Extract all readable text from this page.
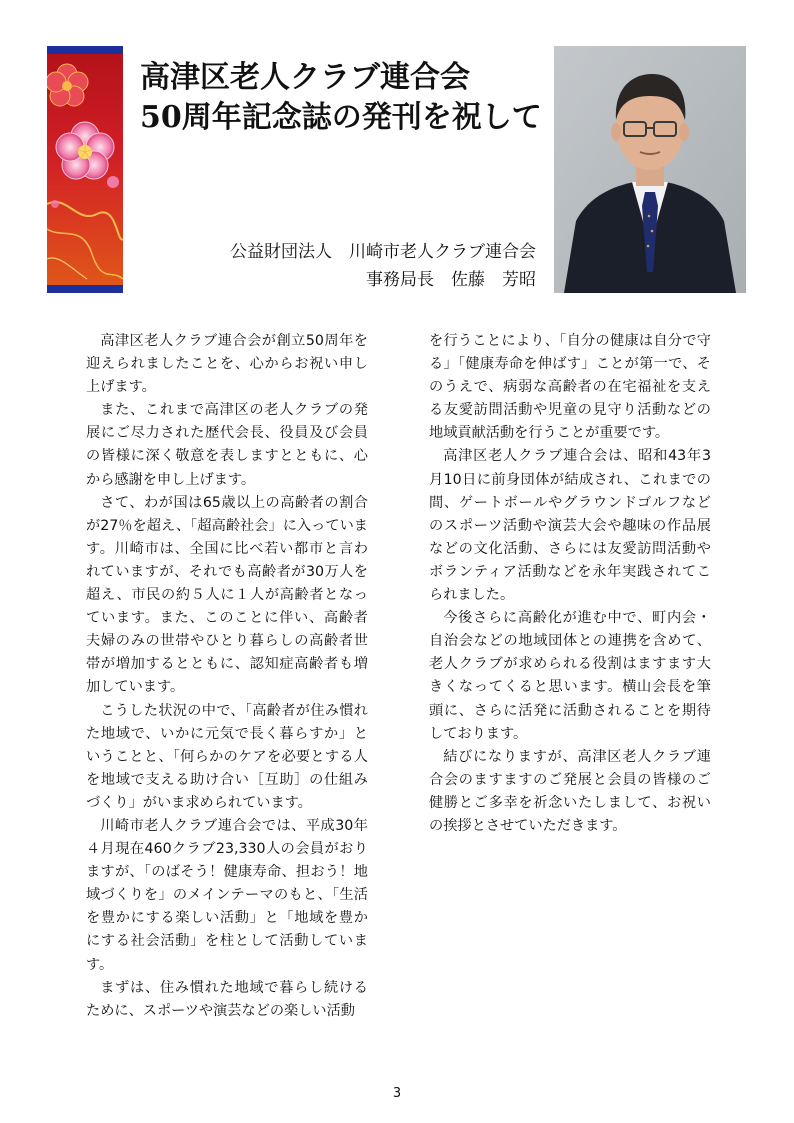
高津区老人クラブ連合会
50周年記念誌の発刊を祝して
公益財団法人　川崎市老人クラブ連合会
事務局長　佐藤　芳昭

高津区老人クラブ連合会が創立50周年を迎えられましたことを、心からお祝い申し上げます。

また、これまで高津区の老人クラブの発展にご尽力された歴代会長、役員及び会員の皆様に深く敬意を表しますとともに、心から感謝を申し上げます。

さて、わが国は65歳以上の高齢者の割合が27％を超え、「超高齢社会」に入っています。川崎市は、全国に比べ若い都市と言われていますが、それでも高齢者が30万人を超え、市民の約５人に１人が高齢者となっています。また、このことに伴い、高齢者夫婦のみの世帯やひとり暮らしの高齢者世帯が増加するとともに、認知症高齢者も増加しています。

こうした状況の中で、「高齢者が住み慣れた地域で、いかに元気で長く暮らすか」ということと、「何らかのケアを必要とする人を地域で支える助け合い［互助］の仕組みづくり」がいま求められています。

川崎市老人クラブ連合会では、平成30年４月現在460クラブ23,330人の会員がおりますが、「のばそう！健康寿命、担おう！地域づくりを」のメインテーマのもと、「生活を豊かにする楽しい活動」と「地域を豊かにする社会活動」を柱として活動しています。

まずは、住み慣れた地域で暮らし続けるために、スポーツや演芸などの楽しい活動

を行うことにより、「自分の健康は自分で守る」「健康寿命を伸ばす」ことが第一で、そのうえで、病弱な高齢者の在宅福祉を支える友愛訪問活動や児童の見守り活動などの地域貢献活動を行うことが重要です。

高津区老人クラブ連合会は、昭和43年3月10日に前身団体が結成され、これまでの間、ゲートボールやグラウンドゴルフなどのスポーツ活動や演芸大会や趣味の作品展などの文化活動、さらには友愛訪問活動やボランティア活動などを永年実践されてこられました。

今後さらに高齢化が進む中で、町内会・自治会などの地域団体との連携を含めて、老人クラブが求められる役割はますます大きくなってくると思います。横山会長を筆頭に、さらに活発に活動されることを期待しております。

結びになりますが、高津区老人クラブ連合会のますますのご発展と会員の皆様のご健勝とご多幸を祈念いたしまして、お祝いの挨拶とさせていただきます。

3
